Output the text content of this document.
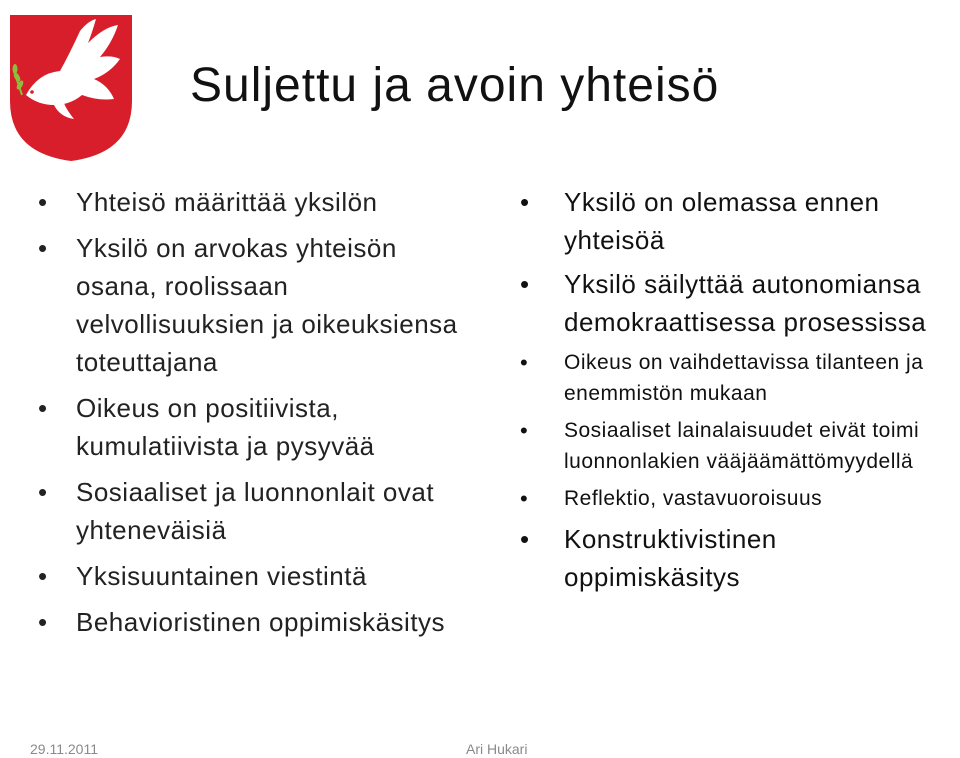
Suljettu ja avoin yhteisö
• Yhteisö määrittää yksilön
• Yksilö on arvokas yhteisön osana, roolissaan velvollisuuksien ja oikeuksiensa toteuttajana
• Oikeus on positiivista, kumulatiivista ja pysyvää
• Sosiaaliset ja luonnonlait ovat yhteneväisiä
• Yksisuuntainen viestintä
• Behavioristinen oppimiskäsitys
• Yksilö on olemassa ennen yhteisöä
• Yksilö säilyttää autonomiansa demokraattisessa prosessissa
• Oikeus on vaihdettavissa tilanteen ja enemmistön mukaan
• Sosiaaliset lainalaisuudet eivät toimi luonnonlakien vääjäämättömyydellä
• Reflektio, vastavuoroisuus
• Konstruktivistinen oppimiskäsitys
29.11.2011	Ari Hukari
